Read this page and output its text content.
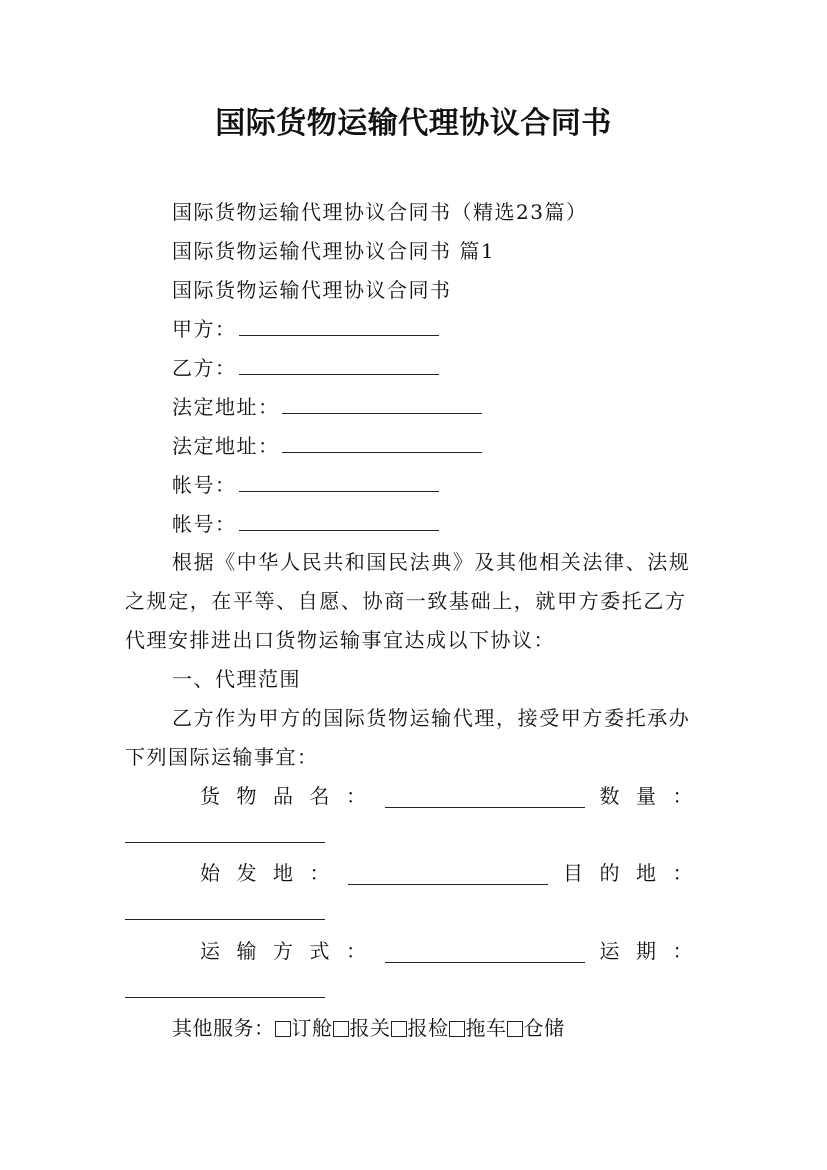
国际货物运输代理协议合同书
国际货物运输代理协议合同书（精选23篇）
国际货物运输代理协议合同书 篇1
国际货物运输代理协议合同书
甲方：
乙方：
法定地址：
法定地址：
帐号：
帐号：
根据《中华人民共和国民法典》及其他相关法律、法规
之规定，在平等、自愿、协商一致基础上，就甲方委托乙方
代理安排进出口货物运输事宜达成以下协议：
一、代理范围
乙方作为甲方的国际货物运输代理，接受甲方委托承办
下列国际运输事宜：
货 物 品 名 ：	数 量 ：
始 发 地 ：	目 的 地 ：
运 输 方 式 ：	运 期 ：
其他服务： 订舱 报关 报检 拖车 仓储
